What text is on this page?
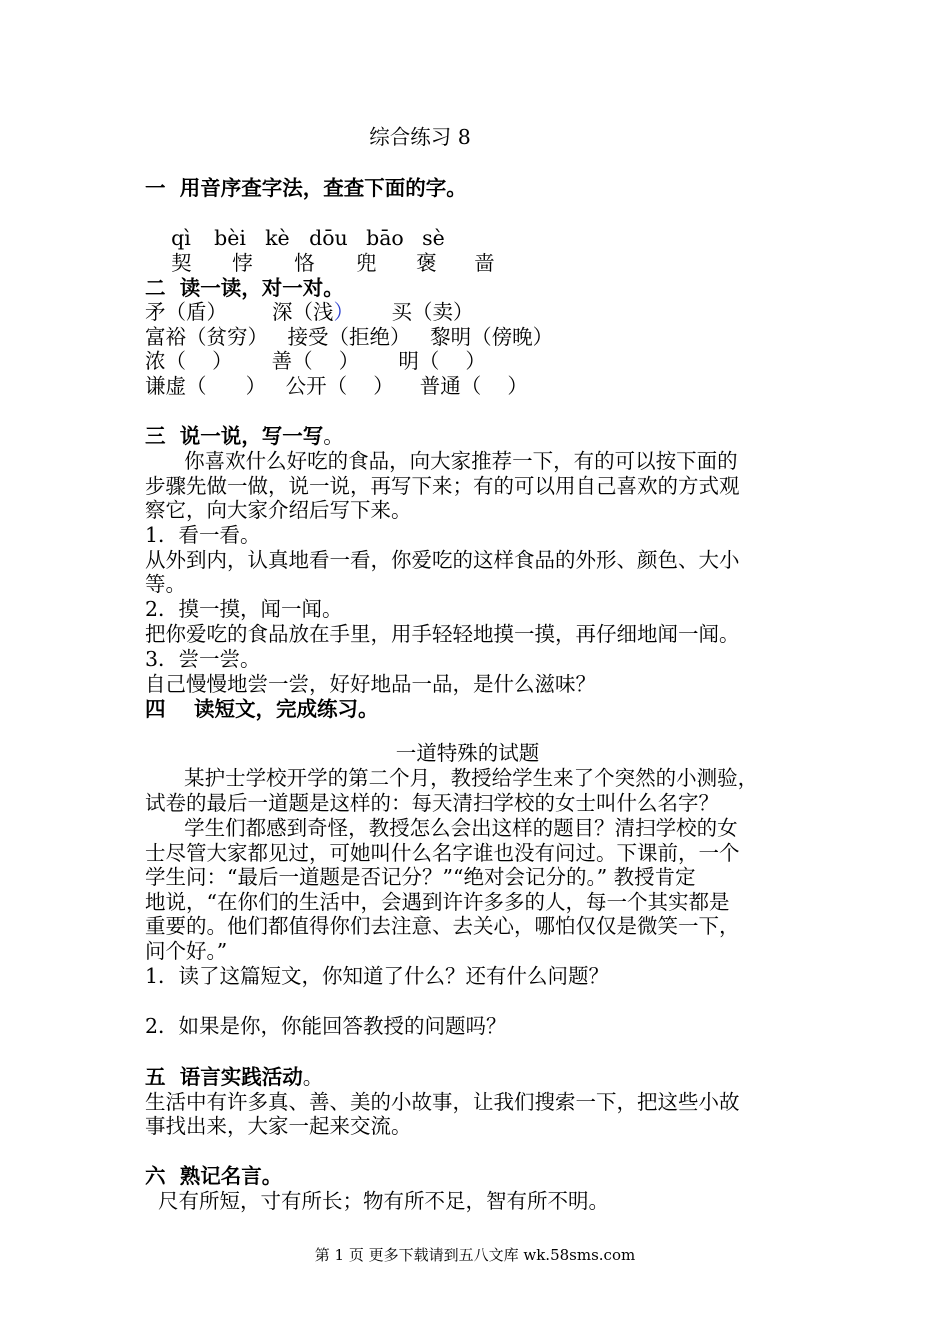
综合练习 8
一  用音序查字法，查查下面的字。

qì bèi kè dōu bāo sè

契 悖 恪 兜 褒 啬

二  读一读，对一对。
矛（盾） 深（浅） 买（卖）
富裕（贫穷）   接受（拒绝）   黎明（傍晚）
浓（    ）      善（    ）      明（    ）
谦虚（      ）   公开（    ）    普通（    ）
三  说一说，写一写。
你喜欢什么好吃的食品，向大家推荐一下，有的可以按下面的
步骤先做一做，说一说，再写下来；有的可以用自己喜欢的方式观
察它，向大家介绍后写下来。
1．看一看。
从外到内，认真地看一看，你爱吃的这样食品的外形、颜色、大小
等。
2．摸一摸，闻一闻。
把你爱吃的食品放在手里，用手轻轻地摸一摸，再仔细地闻一闻。
3．尝一尝。
自己慢慢地尝一尝，好好地品一品，是什么滋味？
四    读短文，完成练习。
一道特殊的试题
某护士学校开学的第二个月，教授给学生来了个突然的小测验，
试卷的最后一道题是这样的：每天清扫学校的女士叫什么名字？
学生们都感到奇怪，教授怎么会出这样的题目？清扫学校的女
士尽管大家都见过，可她叫什么名字谁也没有问过。下课前，一个
学生问：“最后一道题是否记分？”“绝对会记分的。” 教授肯定
地说，“在你们的生活中，会遇到许许多多的人，每一个其实都是
重要的。他们都值得你们去注意、去关心，哪怕仅仅是微笑一下，
问个好。”
1．读了这篇短文，你知道了什么？还有什么问题？
2．如果是你，你能回答教授的问题吗？
五  语言实践活动。
生活中有许多真、善、美的小故事，让我们搜索一下，把这些小故
事找出来，大家一起来交流。
六  熟记名言。
尺有所短，寸有所长；物有所不足，智有所不明。
第 1 页 更多下载请到五八文库 wk.58sms.com
